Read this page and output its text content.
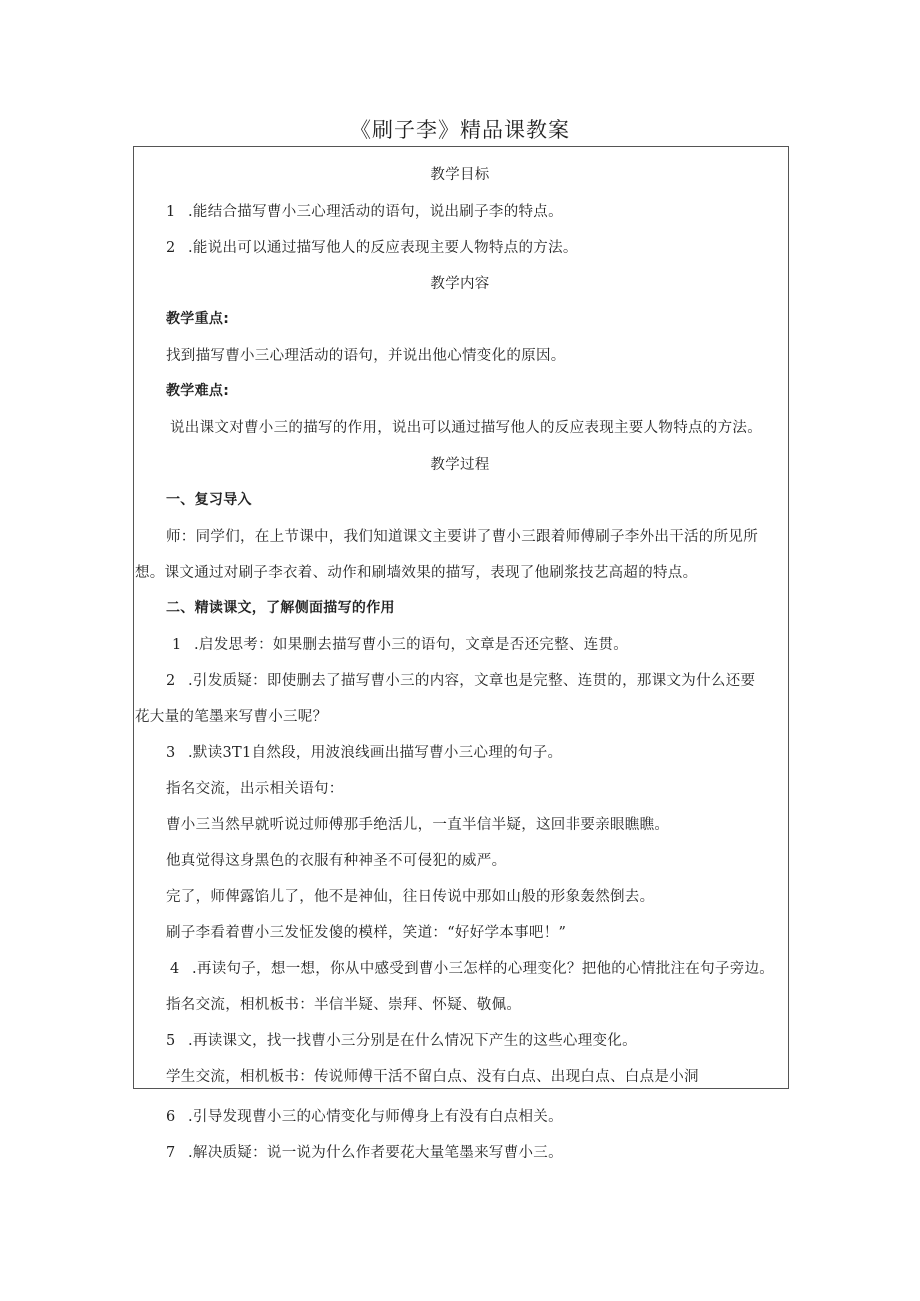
《刷子李》精品课教案
教学目标
1 .能结合描写曹小三心理活动的语句，说出刷子李的特点。
2 .能说出可以通过描写他人的反应表现主要人物特点的方法。
教学内容
教学重点:
找到描写曹小三心理活动的语句，并说出他心情变化的原因。
教学难点:
说出课文对曹小三的描写的作用，说出可以通过描写他人的反应表现主要人物特点的方法。
教学过程
一、复习导入
师：同学们，在上节课中，我们知道课文主要讲了曹小三跟着师傅刷子李外出干活的所见所
想。课文通过对刷子李衣着、动作和刷墙效果的描写，表现了他刷浆技艺高超的特点。
二、精读课文，了解侧面描写的作用
1 .启发思考：如果删去描写曹小三的语句，文章是否还完整、连贯。
2 .引发质疑：即使删去了描写曹小三的内容，文章也是完整、连贯的，那课文为什么还要
花大量的笔墨来写曹小三呢？
3 .默读3T1自然段，用波浪线画出描写曹小三心理的句子。
指名交流，出示相关语句：
曹小三当然早就听说过师傅那手绝活儿，一直半信半疑，这回非要亲眼瞧瞧。
他真觉得这身黑色的衣服有种神圣不可侵犯的威严。
完了，师俾露馅儿了，他不是神仙，往日传说中那如山般的形象轰然倒去。
刷子李看着曹小三发怔发傻的模样，笑道：“好好学本事吧！”
4 .再读句子，想一想，你从中感受到曹小三怎样的心理变化？把他的心情批注在句子旁边。
指名交流，相机板书：半信半疑、崇拜、怀疑、敬佩。
5 .再读课文，找一找曹小三分别是在什么情况下产生的这些心理变化。
学生交流，相机板书：传说师傅干活不留白点、没有白点、出现白点、白点是小洞
6 .引导发现曹小三的心情变化与师傅身上有没有白点相关。
7 .解决质疑：说一说为什么作者要花大量笔墨来写曹小三。
